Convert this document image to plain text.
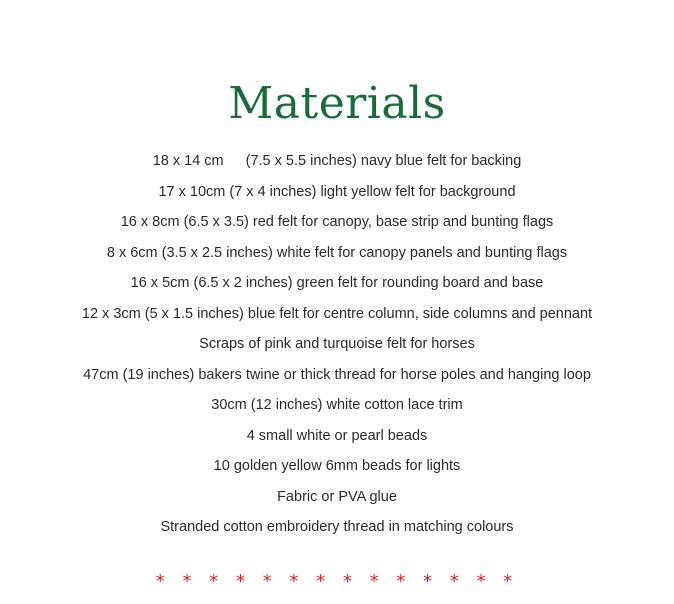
Materials
18 x 14 cm (7.5 x 5.5 inches) navy blue felt for backing
17 x 10cm (7 x 4 inches) light yellow felt for background
16 x 8cm (6.5 x 3.5) red felt for canopy, base strip and bunting flags
8 x 6cm (3.5 x 2.5 inches) white felt for canopy panels and bunting flags
16 x 5cm (6.5 x 2 inches) green felt for rounding board and base
12 x 3cm (5 x 1.5 inches) blue felt for centre column, side columns and pennant
Scraps of pink and turquoise felt for horses
47cm (19 inches) bakers twine or thick thread for horse poles and hanging loop
30cm (12 inches) white cotton lace trim
4 small white or pearl beads
10 golden yellow 6mm beads for lights
Fabric or PVA glue
Stranded cotton embroidery thread in matching colours
* * * * * * * * * * * * * *
